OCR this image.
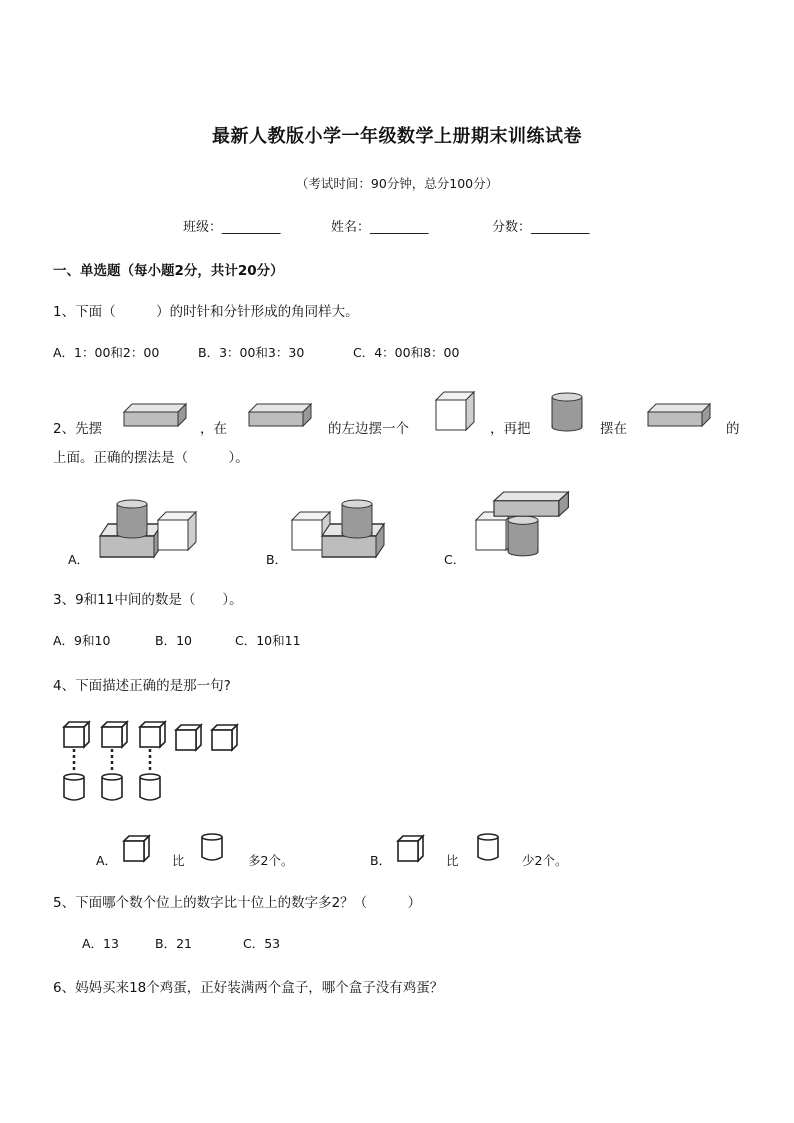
最新人教版小学一年级数学上册期末训练试卷
（考试时间：90分钟，总分100分）
班级：_________	姓名：_________	分数：_________
一、单选题（每小题2分，共计20分）
1、下面（　　　）的时针和分针形成的角同样大。
A．1：00和2：00	B．3：00和3：30	C．4：00和8：00
2、先摆	，在	的左边摆一个	，再把	摆在	的
上面。正确的摆法是（　　　）。
A．	B．	C．
3、9和11中间的数是（　　）。
A．9和10	B．10	C．10和11
4、下面描述正确的是那一句?
A．	比	多2个。	B．	比	少2个。
5、下面哪个数个位上的数字比十位上的数字多2？（　　　）
A．13	B．21	C．53
6、妈妈买来18个鸡蛋，正好装满两个盒子，哪个盒子没有鸡蛋？
